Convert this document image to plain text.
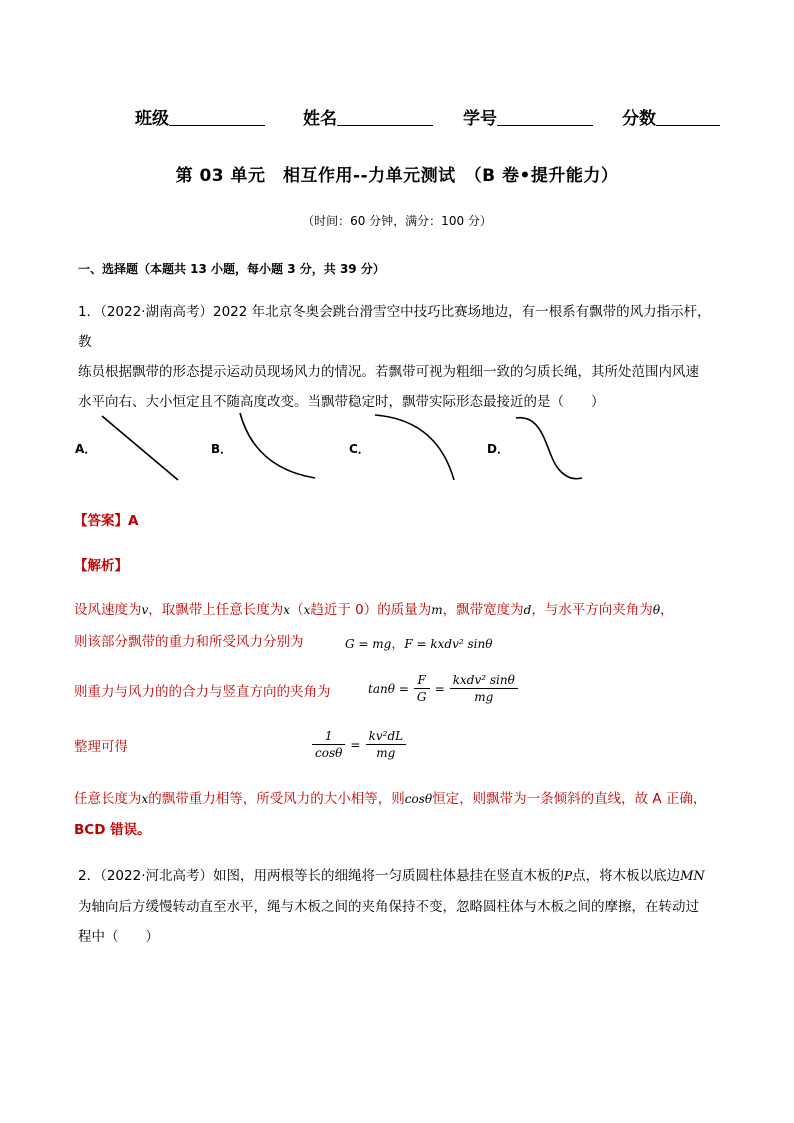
班级	姓名	学号	分数
第 03 单元　相互作用--力单元测试　（B 卷•提升能力）
（时间：60 分钟，满分：100 分）
一、选择题（本题共 13 小题，每小题 3 分，共 39 分）
1．（2022·湖南高考）2022 年北京冬奥会跳台滑雪空中技巧比赛场地边，有一根系有飘带的风力指示杆，教
练员根据飘带的形态提示运动员现场风力的情况。若飘带可视为粗细一致的匀质长绳，其所处范围内风速
水平向右、大小恒定且不随高度改变。当飘带稳定时，飘带实际形态最接近的是（　　）
A．	B．	C．	D．
【答案】A
【解析】
设风速度为v，取飘带上任意长度为x（x趋近于 0）的质量为m，飘带宽度为d，与水平方向夹角为θ，
则该部分飘带的重力和所受风力分别为	G = mg，F = kxdv² sinθ
则重力与风力的的合力与竖直方向的夹角为	$\tan\theta = \frac{F}{G} = \frac{\text{kxdv² sinθ}}{mg}$
整理可得	$\frac{1}{\cos\theta} = \frac{\text{kv²dL}}{mg}$
任意长度为x的飘带重力相等，所受风力的大小相等，则cosθ恒定，则飘带为一条倾斜的直线，故 A 正确，
BCD 错误。
2．（2022·河北高考）如图，用两根等长的细绳将一匀质圆柱体悬挂在竖直木板的P点，将木板以底边MN
为轴向后方缓慢转动直至水平，绳与木板之间的夹角保持不变，忽略圆柱体与木板之间的摩擦，在转动过
程中（　　）
